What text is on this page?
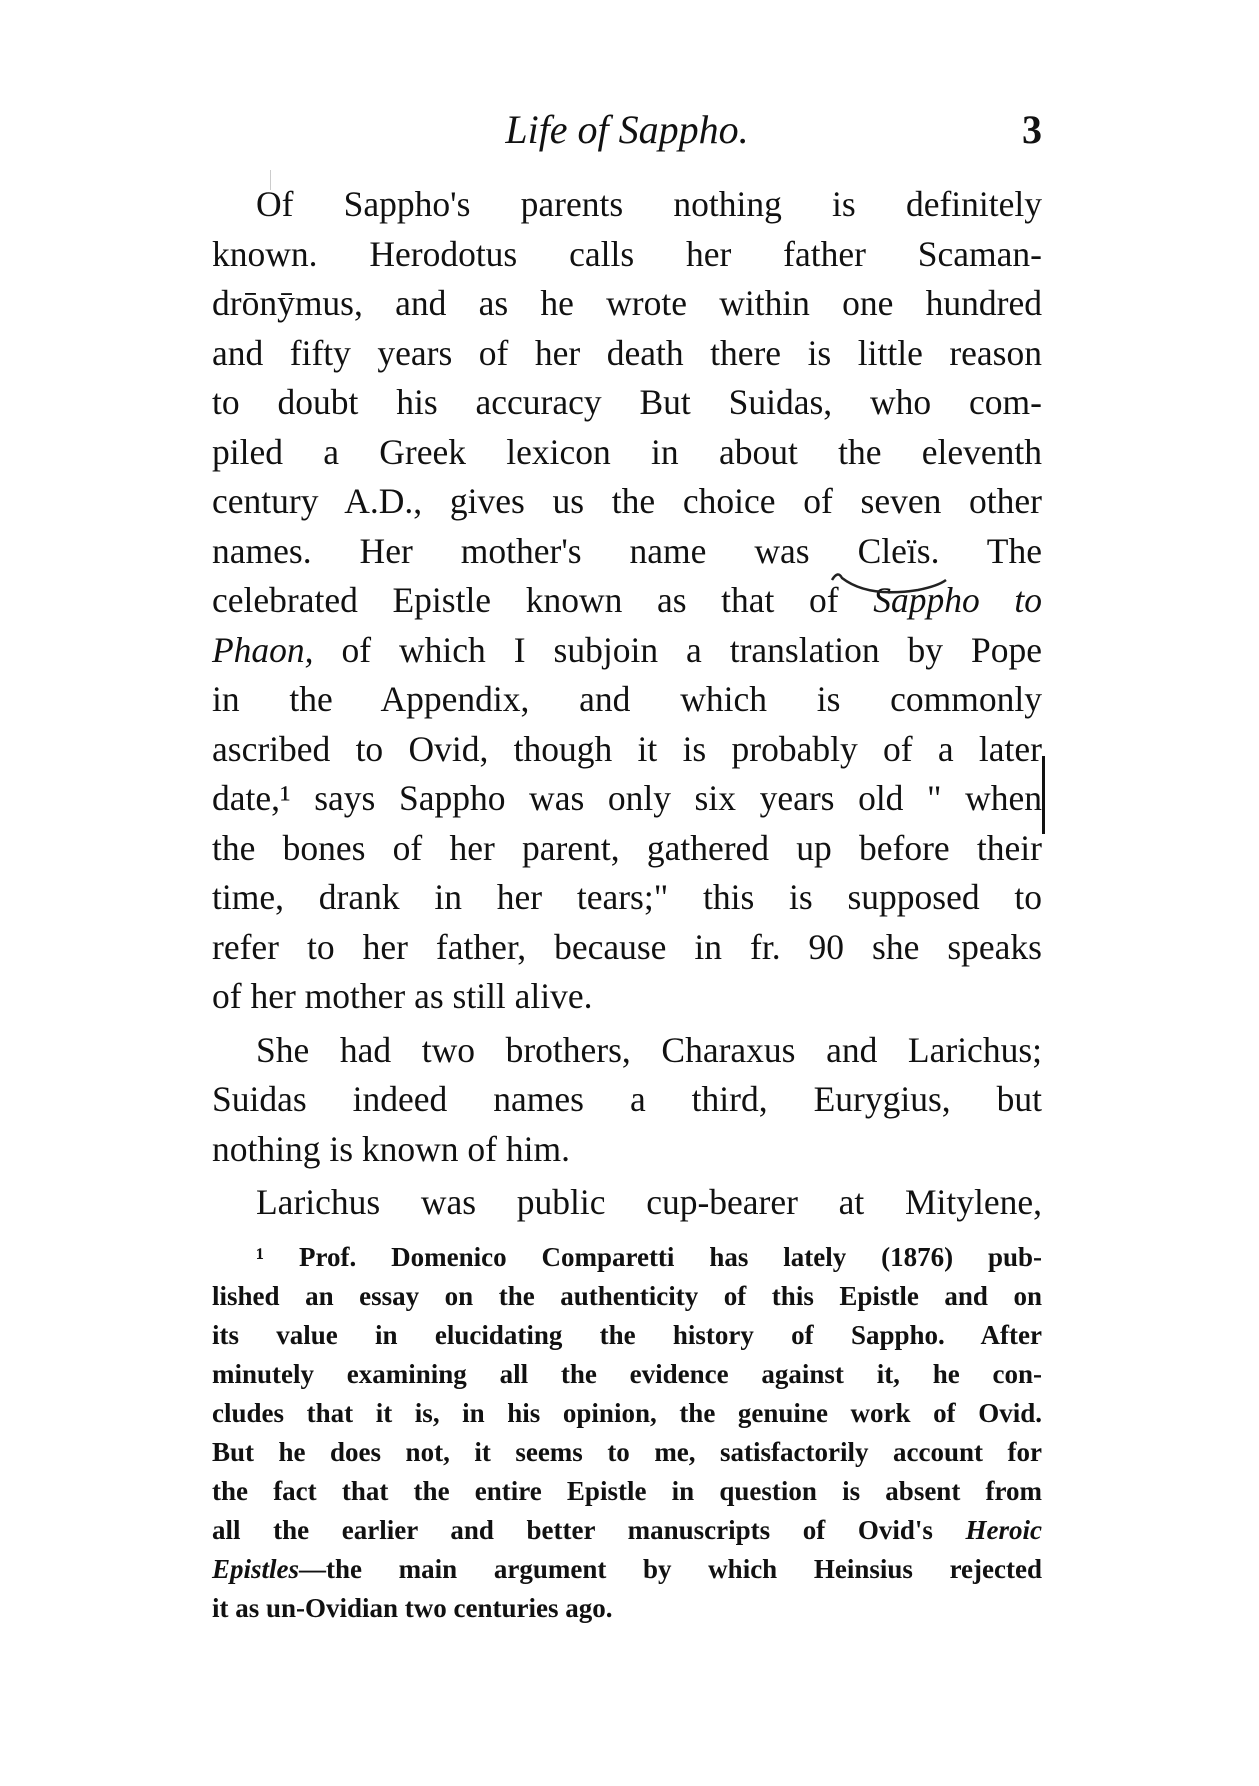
Life of Sappho.	3
Of Sappho's parents nothing is definitely
known. Herodotus calls her father Scaman-
drōnȳmus, and as he wrote within one hundred
and fifty years of her death there is little reason
to doubt his accuracy But Suidas, who com-
piled a Greek lexicon in about the eleventh
century A.D., gives us the choice of seven other
names. Her mother's name was Cleïs. The
celebrated Epistle known as that of Sappho to
Phaon, of which I subjoin a translation by Pope
in the Appendix, and which is commonly
ascribed to Ovid, though it is probably of a later
date,¹ says Sappho was only six years old " when
the bones of her parent, gathered up before their
time, drank in her tears;" this is supposed to
refer to her father, because in fr. 90 she speaks
of her mother as still alive.
She had two brothers, Charaxus and Larichus;
Suidas indeed names a third, Eurygius, but
nothing is known of him.
Larichus was public cup-bearer at Mitylene,
¹ Prof. Domenico Comparetti has lately (1876) pub-
lished an essay on the authenticity of this Epistle and on
its value in elucidating the history of Sappho. After
minutely examining all the evidence against it, he con-
cludes that it is, in his opinion, the genuine work of Ovid.
But he does not, it seems to me, satisfactorily account for
the fact that the entire Epistle in question is absent from
all the earlier and better manuscripts of Ovid's Heroic
Epistles—the main argument by which Heinsius rejected
it as un-Ovidian two centuries ago.
